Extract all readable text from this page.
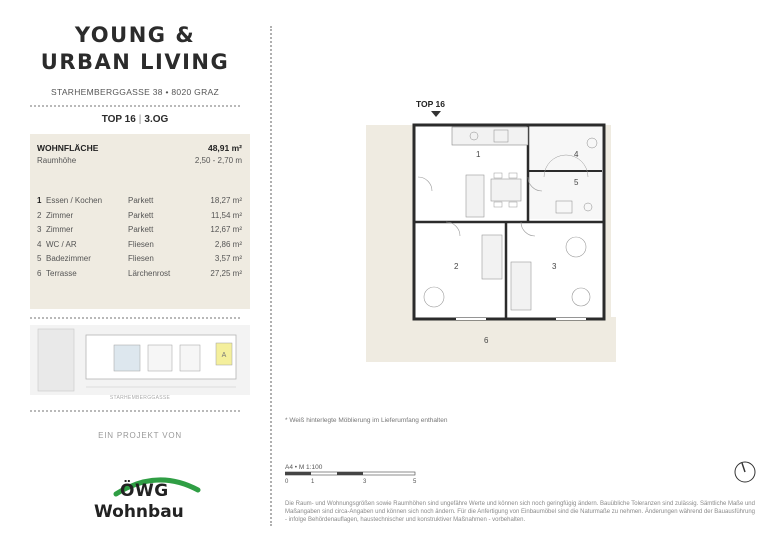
YOUNG &
URBAN LIVING
STARHEMBERGGASSE 38 • 8020 GRAZ
TOP 16 | 3.OG
WOHNFLÄCHE	48,91 m²
Raumhöhe	2,50 - 2,70 m
1 Essen / Kochen	Parkett	18,27 m²
2 Zimmer	Parkett	11,54 m²
3 Zimmer	Parkett	12,67 m²
4 WC / AR	Fliesen	2,86 m²
5 Badezimmer	Fliesen	3,57 m²
6 Terrasse	Lärchenrost	27,25 m²
A
STARHEMBERGGASSE
EIN PROJEKT VON
ÖWG
Wohnbau
TOP 16
1
2	3
4
5
6
* Weiß hinterlegte Möblierung im Lieferumfang enthalten
A4 • M 1:100
0	1	3	5
Die Raum- und Wohnungsgrößen sowie Raumhöhen sind ungefähre Werte und können sich noch geringfügig ändern. Bauübliche Toleranzen sind zulässig. Sämtliche Maße und Maßangaben sind circa-Angaben und können sich noch ändern. Für die Anfertigung von Einbaumöbel sind die Naturmaße zu nehmen. Änderungen während der Bauausführung - infolge Behördenauflagen, haustechnischer und konstruktiver Maßnahmen - vorbehalten.
